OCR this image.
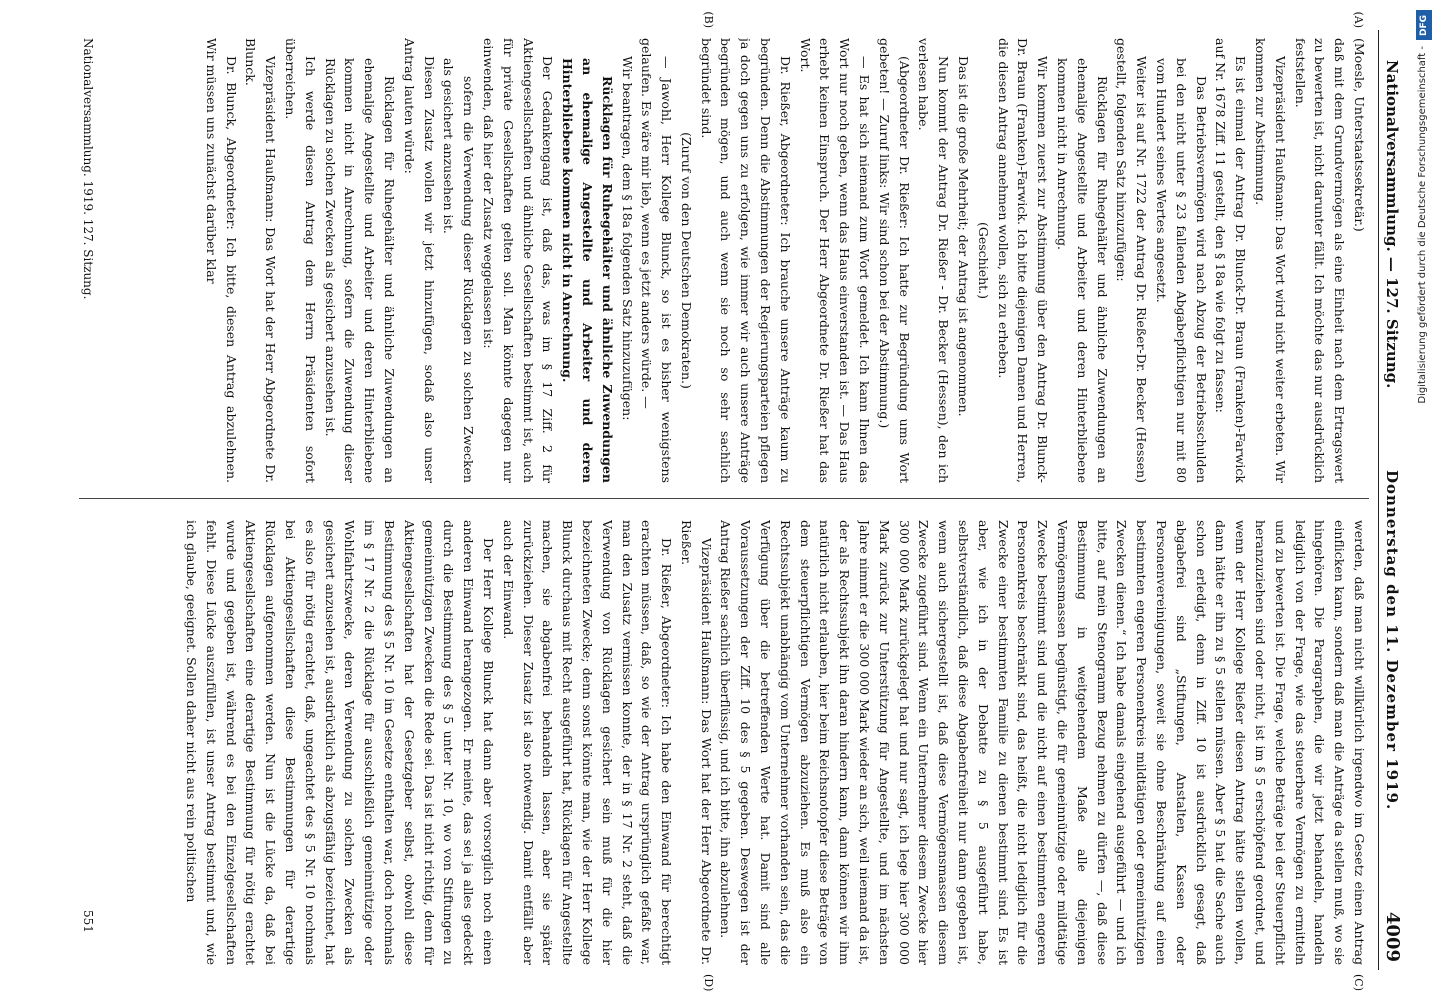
Nationalversammlung. — 127. Sitzung.
Donnerstag den 11. Dezember 1919.
4009

(Moesle, Unterstaatssekretär.)

daß mit dem Grundvermögen als eine Einheit nach dem Ertragswert zu bewerten ist, nicht darunter fällt. Ich möchte das nur ausdrücklich feststellen.

Vizepräsident Haußmann: Das Wort wird nicht weiter erbeten. Wir kommen zur Abstimmung.

Es ist einmal der Antrag Dr. Blunck-Dr. Braun (Franken)-Farwick auf Nr. 1678 Ziff. 11 gestellt, den § 18a wie folgt zu fassen:

Das Betriebsvermögen wird nach Abzug der Betriebsschulden bei den nicht unter § 23 fallenden Abgabepflichtigen nur mit 80 vom Hundert seines Wertes angesetzt.

Weiter ist auf Nr. 1722 der Antrag Dr. Rießer-Dr. Becker (Hessen) gestellt, folgenden Satz hinzuzufügen:

Rücklagen für Ruhegehälter und ähnliche Zuwendungen an ehemalige Angestellte und Arbeiter und deren Hinterbliebene kommen nicht in Anrechnung.

Wir kommen zuerst zur Abstimmung über den Antrag Dr. Blunck-Dr. Braun (Franken)-Farwick. Ich bitte diejenigen Damen und Herren, die diesen Antrag annehmen wollen, sich zu erheben.

(Geschieht.)

Das ist die große Mehrheit; der Antrag ist angenommen.

Nun kommt der Antrag Dr. Rießer - Dr. Becker (Hessen), den ich verlesen habe.

(Abgeordneter Dr. Rießer: Ich hatte zur Begründung ums Wort gebeten! — Zuruf links: Wir sind schon bei der Abstimmung.)

— Es hat sich niemand zum Wort gemeldet. Ich kann Ihnen das Wort nur noch geben, wenn das Haus einverstanden ist. — Das Haus erhebt keinen Einspruch. Der Herr Abgeordnete Dr. Rießer hat das Wort.

Dr. Rießer, Abgeordneter: Ich brauche unsere Anträge kaum zu begründen. Denn die Abstimmungen der Regierungsparteien pflegen ja doch gegen uns zu erfolgen, wie immer wir auch unsere Anträge begründen mögen, und auch wenn sie noch so sehr sachlich begründet sind.

(Zuruf von den Deutschen Demokraten.)

— Jawohl, Herr Kollege Blunck, so ist es bisher wenigstens gelaufen. Es wäre mir lieb, wenn es jetzt anders würde. —

Wir beantragen, dem § 18a folgenden Satz hinzuzufügen:

Rücklagen für Ruhegehälter und ähnliche Zuwendungen an ehemalige Angestellte und Arbeiter und deren Hinterbliebene kommen nicht in Anrechnung.

Der Gedankengang ist, daß das, was im § 17 Ziff. 2 für Aktiengesellschaften und ähnliche Gesellschaften bestimmt ist, auch für private Gesellschaften gelten soll. Man könnte dagegen nur einwenden, daß hier der Zusatz weggelassen ist:

sofern die Verwendung dieser Rücklagen zu solchen Zwecken als gesichert anzusehen ist.

Diesen Zusatz wollen wir jetzt hinzufügen, sodaß also unser Antrag lauten würde:

Rücklagen für Ruhegehälter und ähnliche Zuwendungen an ehemalige Angestellte und Arbeiter und deren Hinterbliebene kommen nicht in Anrechnung, sofern die Zuwendung dieser Rücklagen zu solchen Zwecken als gesichert anzusehen ist.

Ich werde diesen Antrag dem Herrn Präsidenten sofort überreichen.

Vizepräsident Haußmann: Das Wort hat der Herr Abgeordnete Dr. Blunck.

Dr. Blunck, Abgeordneter: Ich bitte, diesen Antrag abzulehnen. Wir müssen uns zunächst darüber klar

werden, daß man nicht willkürlich irgendwo im Gesetz einen Antrag einflicken kann, sondern daß man die Anträge da stellen muß, wo sie hingehören. Die Paragraphen, die wir jetzt behandeln, handeln lediglich von der Frage, wie das steuerbare Vermögen zu ermitteln und zu bewerten ist. Die Frage, welche Beträge bei der Steuerpflicht heranzuziehen sind oder nicht, ist im § 5 erschöpfend geordnet, und wenn der Herr Kollege Rießer diesen Antrag hätte stellen wollen, dann hätte er ihn zu § 5 stellen müssen. Aber § 5 hat die Sache auch schon erledigt, denn in Ziff. 10 ist ausdrücklich gesagt, daß abgabefrei sind „Stiftungen, Anstalten, Kassen oder Personenvereinigungen, soweit sie ohne Beschränkung auf einen bestimmten engeren Personenkreis mildtätigen oder gemeinnützigen Zwecken dienen.“ Ich habe damals eingehend ausgeführt — und ich bitte, auf mein Stenogramm Bezug nehmen zu dürfen —, daß diese Bestimmung in weitgehendem Maße alle diejenigen Vermögensmassen begünstigt, die für gemeinnützige oder mildtätige Zwecke bestimmt sind und die nicht auf einen bestimmten engeren Personenkreis beschränkt sind, das heißt, die nicht lediglich für die Zwecke einer bestimmten Familie zu dienen bestimmt sind. Es ist aber, wie ich in der Debatte zu § 5 ausgeführt habe, selbstverständlich, daß diese Abgabenfreiheit nur dann gegeben ist, wenn auch sichergestellt ist, daß diese Vermögensmassen diesem Zwecke zugeführt sind. Wenn ein Unternehmer diesem Zwecke hier 300 000 Mark zurückgelegt hat und nur sagt, ich lege hier 300 000 Mark zurück zur Unterstützung für Angestellte, und im nächsten Jahre nimmt er die 300 000 Mark wieder an sich, weil niemand da ist, der als Rechtssubjekt ihn daran hindern kann, dann können wir ihm natürlich nicht erlauben, hier beim Reichsnotopfer diese Beträge von dem steuerpflichtigen Vermögen abzuziehen. Es muß also ein Rechtssubjekt unabhängig vom Unternehmer vorhanden sein, das die Verfügung über die betreffenden Werte hat. Damit sind alle Voraussetzungen der Ziff. 10 des § 5 gegeben. Deswegen ist der Antrag Rießer sachlich überflüssig, und ich bitte, ihn abzulehnen.

Vizepräsident Haußmann: Das Wort hat der Herr Abgeordnete Dr. Rießer.

Dr. Rießer, Abgeordneter: Ich habe den Einwand für berechtigt erachten müssen, daß, so wie der Antrag ursprünglich gefaßt war, man den Zusatz vermissen konnte, der in § 17 Nr. 2 steht, daß die Verwendung von Rücklagen gesichert sein muß für die hier bezeichneten Zwecke; denn sonst könnte man, wie der Herr Kollege Blunck durchaus mit Recht ausgeführt hat, Rücklagen für Angestellte machen, sie abgabenfrei behandeln lassen, aber sie später zurückziehen. Dieser Zusatz ist also notwendig. Damit entfällt aber auch der Einwand.

Der Herr Kollege Blunck hat dann aber vorsorglich noch einen anderen Einwand herangezogen. Er meinte, das sei ja alles gedeckt durch die Bestimmung des § 5 unter Nr. 10, wo von Stiftungen zu gemeinnützigen Zwecken die Rede sei. Das ist nicht richtig, denn für Aktiengesellschaften hat der Gesetzgeber selbst, obwohl diese Bestimmung des § 5 Nr. 10 im Gesetze enthalten war, doch nochmals im § 17 Nr. 2 die Rücklage für ausschließlich gemeinnützige oder Wohlfahrtszwecke, deren Verwendung zu solchen Zwecken als gesichert anzusehen ist, ausdrücklich als abzugsfähig bezeichnet, hat es also für nötig erachtet, daß, ungeachtet des § 5 Nr. 10 nochmals bei Aktiengesellschaften diese Bestimmungen für derartige Rücklagen aufgenommen werden. Nun ist die Lücke da, daß bei Aktiengesellschaften eine derartige Bestimmung für nötig erachtet wurde und gegeben ist, während es bei den Einzelgesellschaften fehlt. Diese Lücke auszufüllen, ist unser Antrag bestimmt und, wie ich glaube, geeignet. Sollen daher nicht aus rein politischen

(A)
(B)
(C)
(D)
Nationalversammlung. 1919. 127. Sitzung.
551
DFG
Digitalisierung gefördert durch die Deutsche Forschungsgemeinschaft -
